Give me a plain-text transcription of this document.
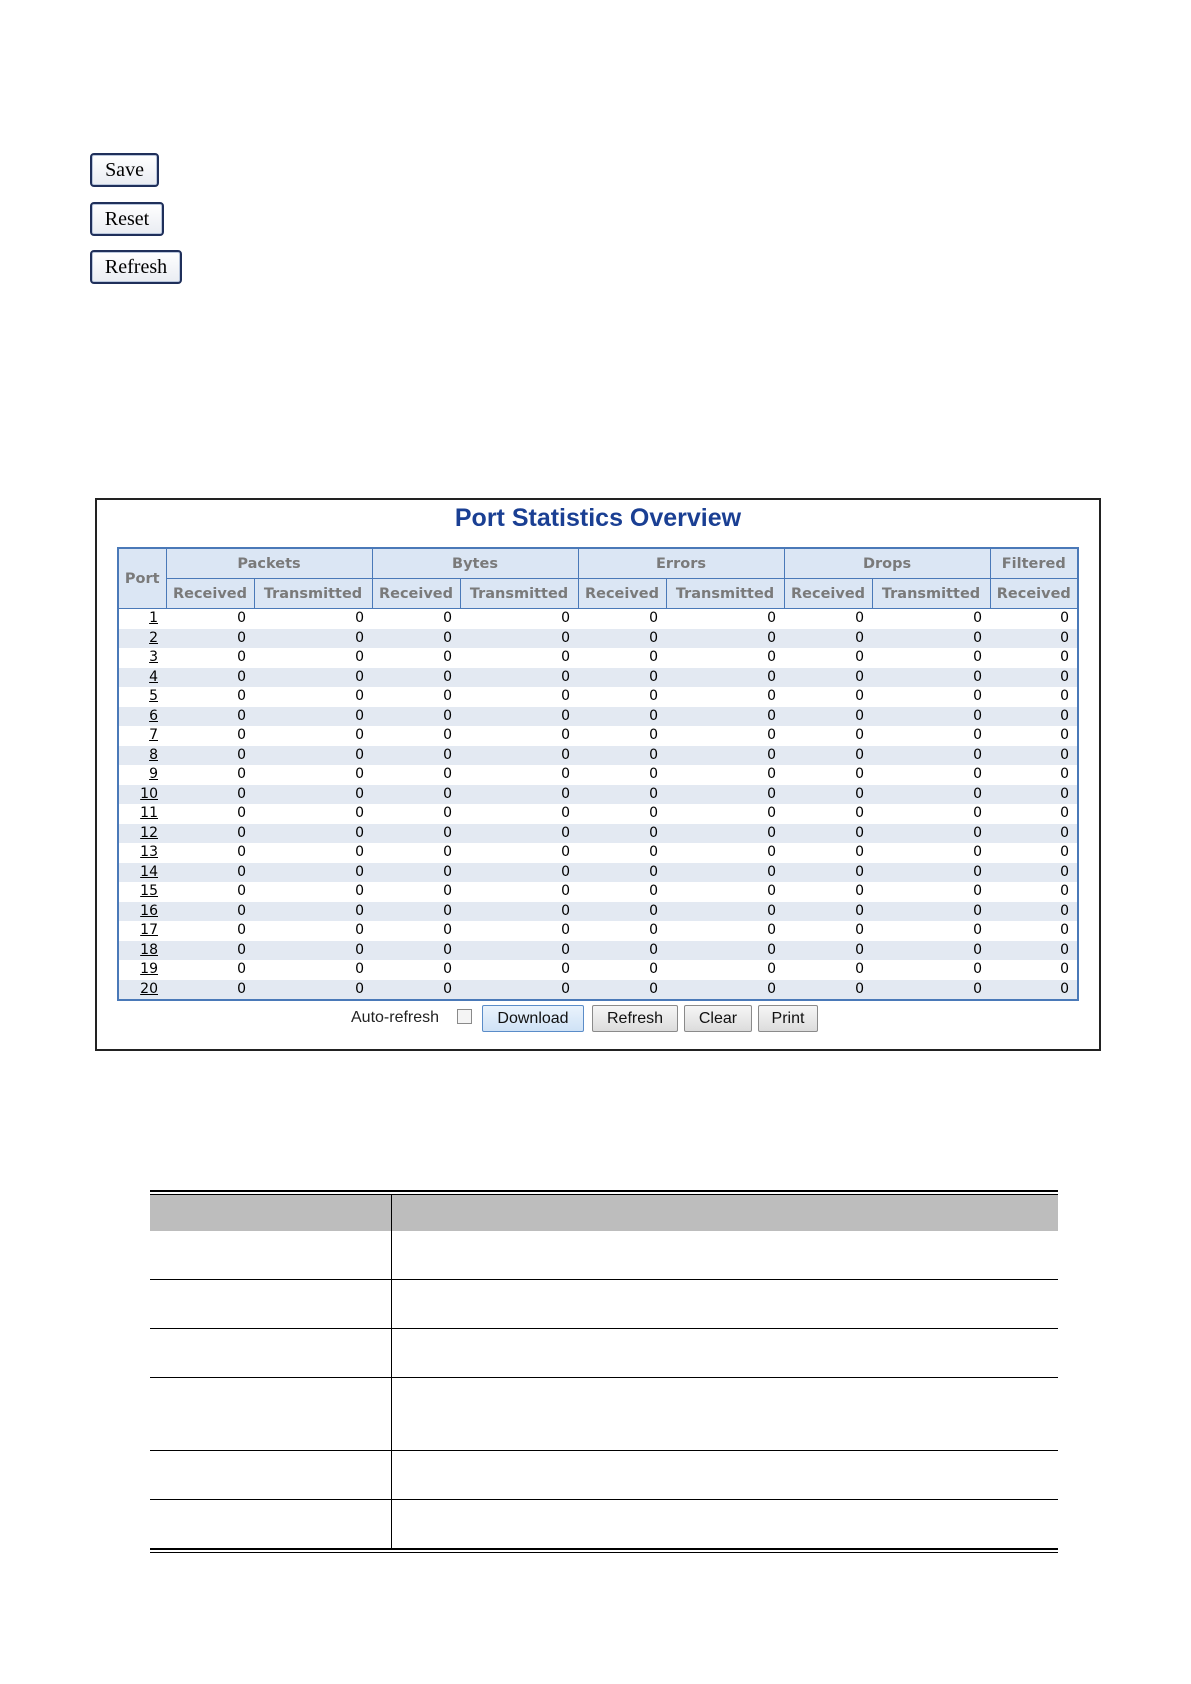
Save
Reset
Refresh
Port Statistics Overview
Port	Packets		Bytes		Errors		Drops		Filtered
	Received	Transmitted	Received	Transmitted	Received	Transmitted	Received	Transmitted	Received
1	0	0	0	0	0	0	0	0	0
2	0	0	0	0	0	0	0	0	0
3	0	0	0	0	0	0	0	0	0
4	0	0	0	0	0	0	0	0	0
5	0	0	0	0	0	0	0	0	0
6	0	0	0	0	0	0	0	0	0
7	0	0	0	0	0	0	0	0	0
8	0	0	0	0	0	0	0	0	0
9	0	0	0	0	0	0	0	0	0
10	0	0	0	0	0	0	0	0	0
11	0	0	0	0	0	0	0	0	0
12	0	0	0	0	0	0	0	0	0
13	0	0	0	0	0	0	0	0	0
14	0	0	0	0	0	0	0	0	0
15	0	0	0	0	0	0	0	0	0
16	0	0	0	0	0	0	0	0	0
17	0	0	0	0	0	0	0	0	0
18	0	0	0	0	0	0	0	0	0
19	0	0	0	0	0	0	0	0	0
20	0	0	0	0	0	0	0	0	0
Auto-refresh	Download	Refresh	Clear	Print
